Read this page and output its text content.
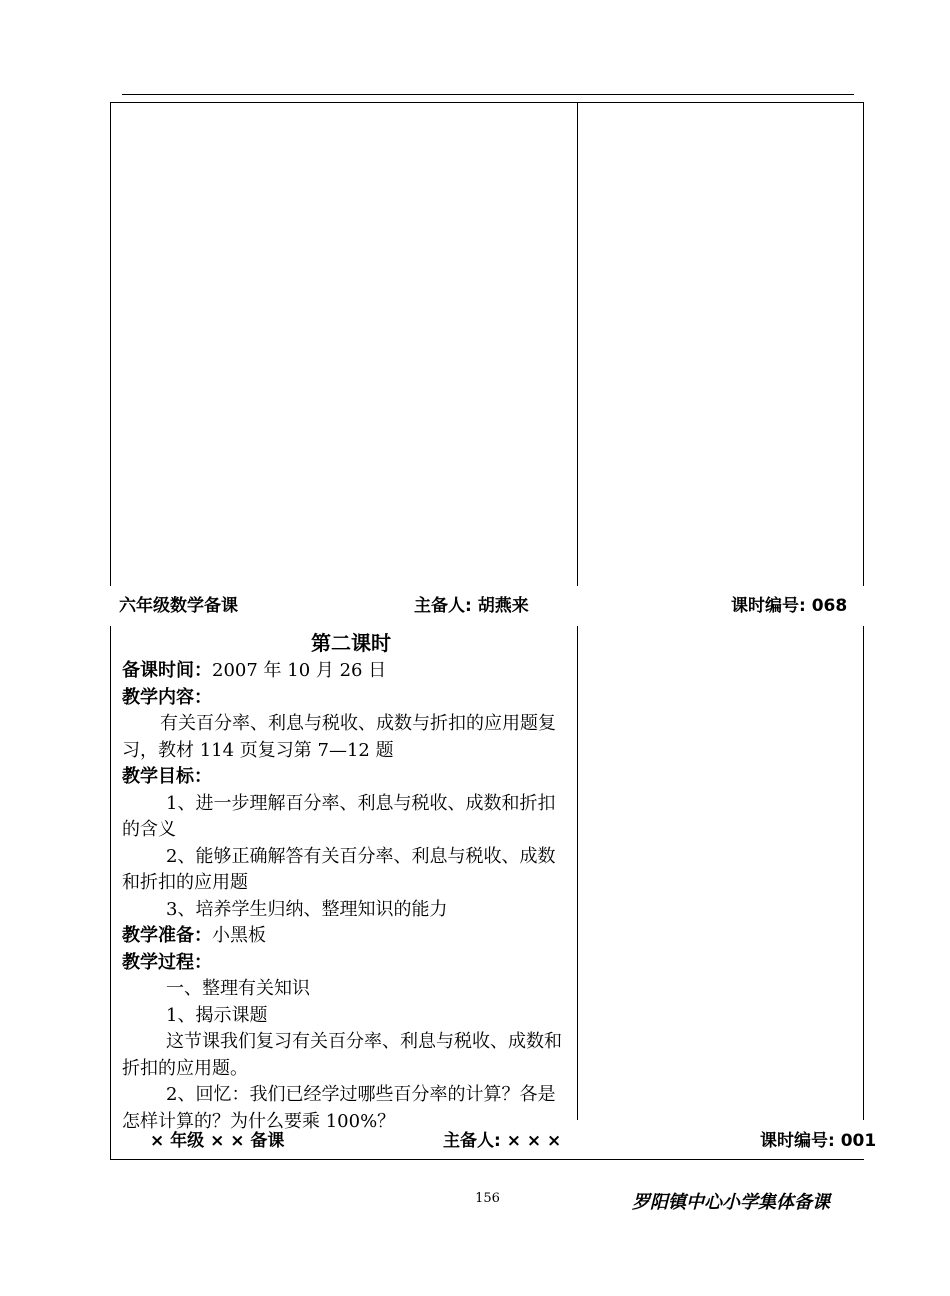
六年级数学备课	主备人: 胡燕来	课时编号: 068

第二课时

备课时间：2007 年 10 月 26 日

教学内容：

有关百分率、利息与税收、成数与折扣的应用题复习，教材 114 页复习第 7—12 题

教学目标：

1、进一步理解百分率、利息与税收、成数和折扣的含义

2、能够正确解答有关百分率、利息与税收、成数和折扣的应用题

3、培养学生归纳、整理知识的能力

教学准备：小黑板

教学过程：

一、整理有关知识

1、揭示课题

这节课我们复习有关百分率、利息与税收、成数和折扣的应用题。

2、回忆：我们已经学过哪些百分率的计算？各是怎样计算的？为什么要乘 100%？

× 年级 × × 备课	主备人: × × ×	课时编号: 001
156	罗阳镇中心小学集体备课
